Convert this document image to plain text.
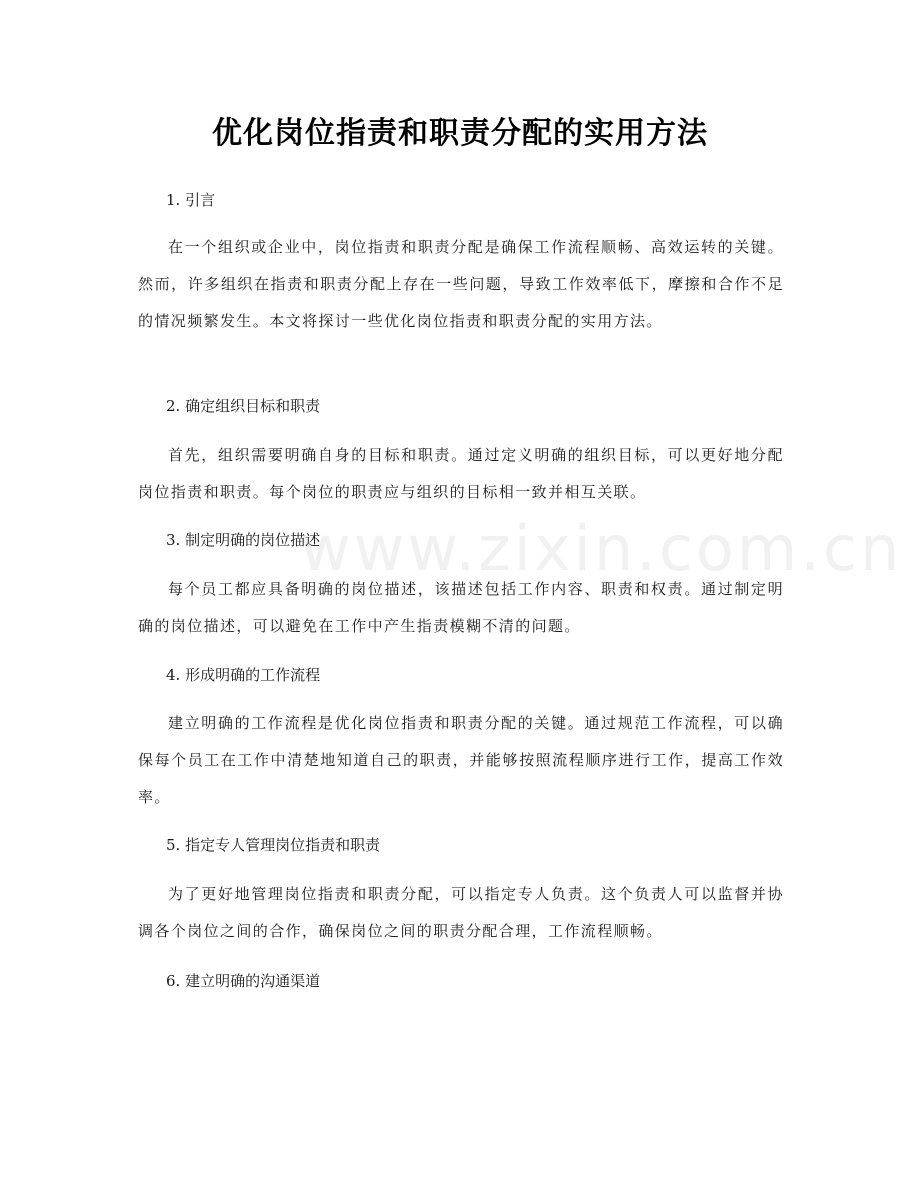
www.zixin.com.cn
优化岗位指责和职责分配的实用方法
1. 引言
在一个组织或企业中，岗位指责和职责分配是确保工作流程顺畅、高效运转的关键。然而，许多组织在指责和职责分配上存在一些问题，导致工作效率低下，摩擦和合作不足的情况频繁发生。本文将探讨一些优化岗位指责和职责分配的实用方法。
2. 确定组织目标和职责
首先，组织需要明确自身的目标和职责。通过定义明确的组织目标，可以更好地分配岗位指责和职责。每个岗位的职责应与组织的目标相一致并相互关联。
3. 制定明确的岗位描述
每个员工都应具备明确的岗位描述，该描述包括工作内容、职责和权责。通过制定明确的岗位描述，可以避免在工作中产生指责模糊不清的问题。
4. 形成明确的工作流程
建立明确的工作流程是优化岗位指责和职责分配的关键。通过规范工作流程，可以确保每个员工在工作中清楚地知道自己的职责，并能够按照流程顺序进行工作，提高工作效率。
5. 指定专人管理岗位指责和职责
为了更好地管理岗位指责和职责分配，可以指定专人负责。这个负责人可以监督并协调各个岗位之间的合作，确保岗位之间的职责分配合理，工作流程顺畅。
6. 建立明确的沟通渠道
